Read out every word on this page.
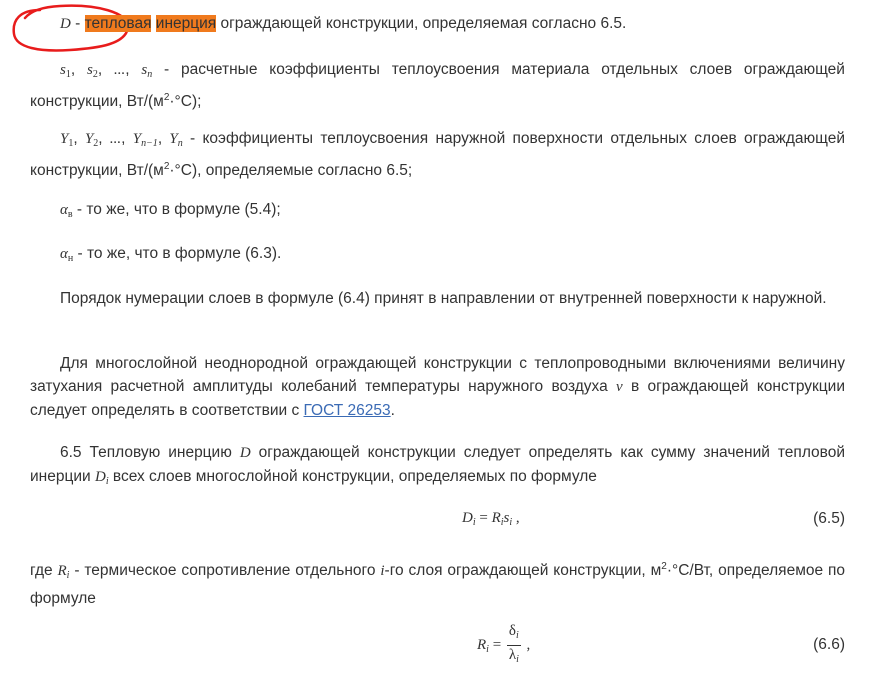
D - тепловая инерция ограждающей конструкции, определяемая согласно 6.5.
$s_1$, $s_2$, ..., sn - расчетные коэффициенты теплоусвоения материала отдельных слоев ограждающей конструкции, $Вт/(м^2\cdot^\circ С)$;
$Y_1$, $Y_2$, ..., Yn−1, Yn - коэффициенты теплоусвоения наружной поверхности отдельных слоев ограждающей конструкции, $Вт/(м^2\cdot^\circ С)$, определяемые согласно 6.5;
$\alpha_в$ - то же, что в формуле (5.4);
$\alpha_н$ - то же, что в формуле (6.3).
Порядок нумерации слоев в формуле (6.4) принят в направлении от внутренней поверхности к наружной.
Для многослойной неоднородной ограждающей конструкции с теплопроводными включениями величину затухания расчетной амплитуды колебаний температуры наружного воздуха ν в ограждающей конструкции следует определять в соответствии с ГОСТ 26253.
6.5 Тепловую инерцию D ограждающей конструкции следует определять как сумму значений тепловой инерции Di всех слоев многослойной конструкции, определяемых по формуле
$D_i = R_is_i$ ,	(6.5)
где Ri - термическое сопротивление отдельного i-го слоя ограждающей конструкции, $м^2\cdot^\circ С/Вт$, определяемое по формуле
$R_i = \frac{\delta_i}{\lambda_i}$ ,	(6.6)
